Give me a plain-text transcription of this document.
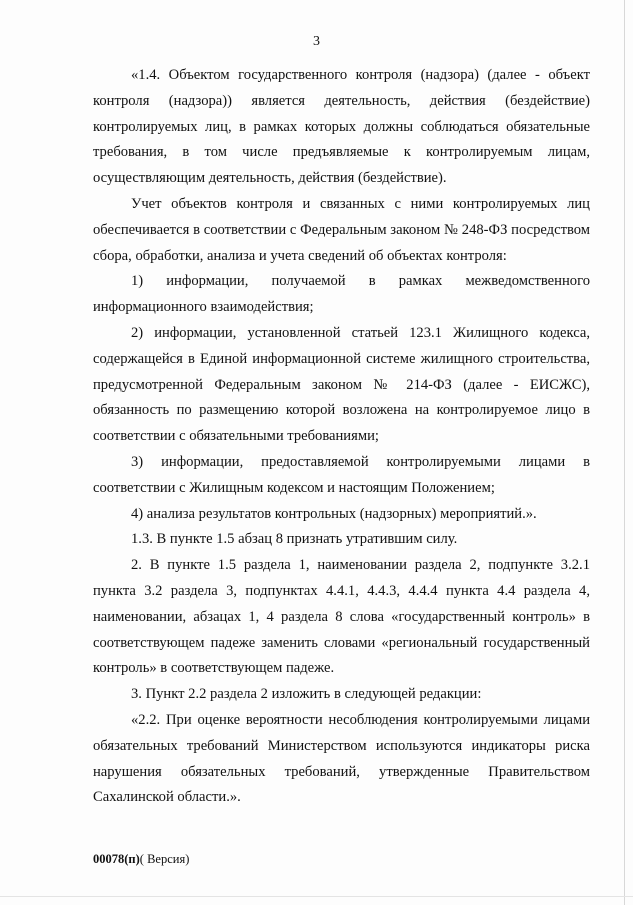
3

«1.4. Объектом государственного контроля (надзора) (далее - объект контроля (надзора)) является деятельность, действия (бездействие) контролируемых лиц, в рамках которых должны соблюдаться обязательные требования, в том числе предъявляемые к контролируемым лицам, осуществляющим деятельность, действия (бездействие).

Учет объектов контроля и связанных с ними контролируемых лиц обеспечивается в соответствии с Федеральным законом № 248-ФЗ посредством сбора, обработки, анализа и учета сведений об объектах контроля:

1) информации, получаемой в рамках межведомственного информационного взаимодействия;

2) информации, установленной статьей 123.1 Жилищного кодекса, содержащейся в Единой информационной системе жилищного строительства, предусмотренной Федеральным законом № 214-ФЗ (далее - ЕИСЖС), обязанность по размещению которой возложена на контролируемое лицо в соответствии с обязательными требованиями;

3) информации, предоставляемой контролируемыми лицами в соответствии с Жилищным кодексом и настоящим Положением;

4) анализа результатов контрольных (надзорных) мероприятий.».

1.3. В пункте 1.5 абзац 8 признать утратившим силу.

2. В пункте 1.5 раздела 1, наименовании раздела 2, подпункте 3.2.1 пункта 3.2 раздела 3, подпунктах 4.4.1, 4.4.3, 4.4.4 пункта 4.4 раздела 4, наименовании, абзацах 1, 4 раздела 8 слова «государственный контроль» в соответствующем падеже заменить словами «региональный государственный контроль» в соответствующем падеже.

3. Пункт 2.2 раздела 2 изложить в следующей редакции:

«2.2. При оценке вероятности несоблюдения контролируемыми лицами обязательных требований Министерством используются индикаторы риска нарушения обязательных требований, утвержденные Правительством Сахалинской области.».

00078(п)( Версия)
